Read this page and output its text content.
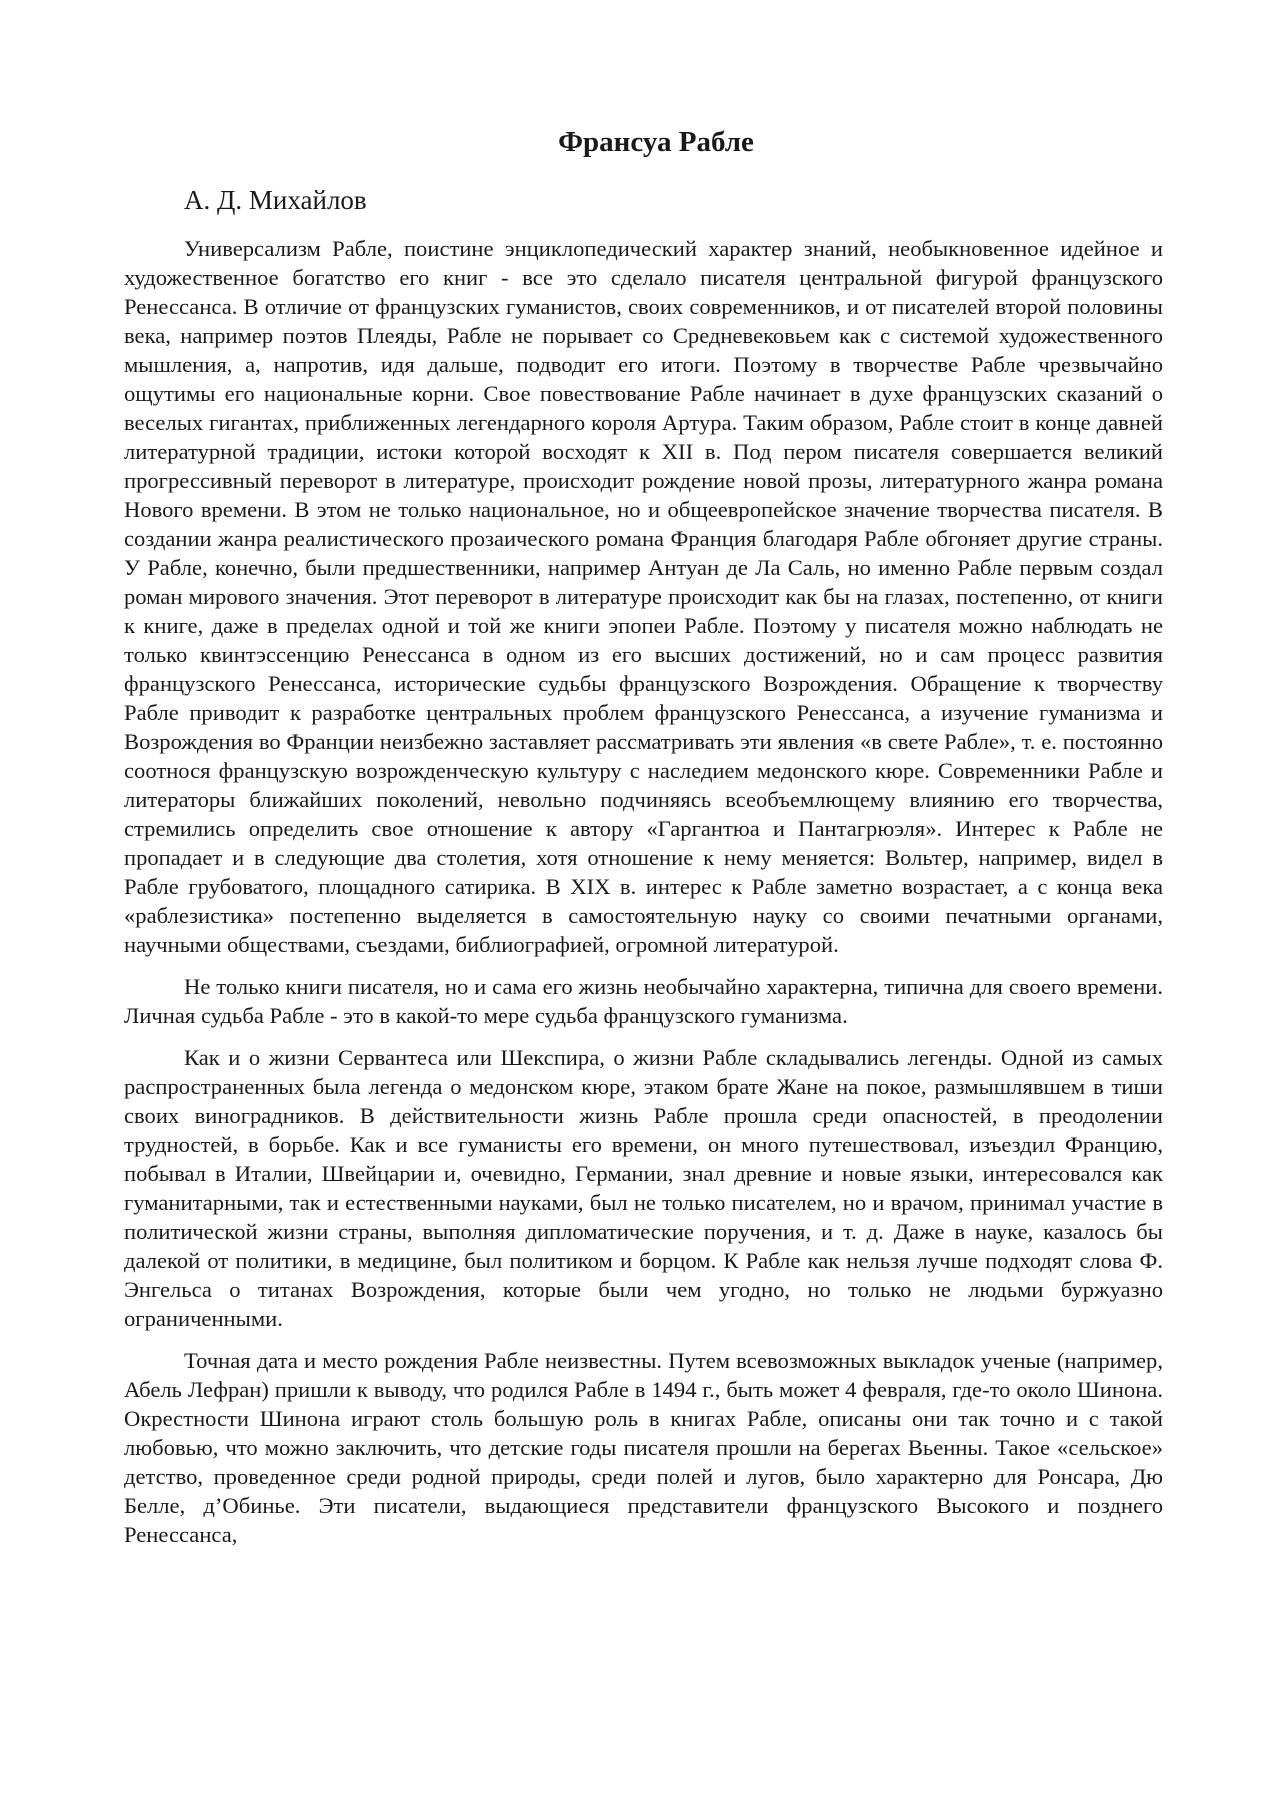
Франсуа Рабле
А. Д. Михайлов

Универсализм Рабле, поистине энциклопедический характер знаний, необыкновенное идейное и художественное богатство его книг - все это сделало писателя центральной фигурой французского Ренессанса. В отличие от французских гуманистов, своих современников, и от писателей второй половины века, например поэтов Плеяды, Рабле не порывает со Средневековьем как с системой художественного мышления, а, напротив, идя дальше, подводит его итоги. Поэтому в творчестве Рабле чрезвычайно ощутимы его национальные корни. Свое повествование Рабле начинает в духе французских сказаний о веселых гигантах, приближенных легендарного короля Артура. Таким образом, Рабле стоит в конце давней литературной традиции, истоки которой восходят к XII в. Под пером писателя совершается великий прогрессивный переворот в литературе, происходит рождение новой прозы, литературного жанра романа Нового времени. В этом не только национальное, но и общеевропейское значение творчества писателя. В создании жанра реалистического прозаического романа Франция благодаря Рабле обгоняет другие страны. У Рабле, конечно, были предшественники, например Антуан де Ла Саль, но именно Рабле первым создал роман мирового значения. Этот переворот в литературе происходит как бы на глазах, постепенно, от книги к книге, даже в пределах одной и той же книги эпопеи Рабле. Поэтому у писателя можно наблюдать не только квинтэссенцию Ренессанса в одном из его высших достижений, но и сам процесс развития французского Ренессанса, исторические судьбы французского Возрождения. Обращение к творчеству Рабле приводит к разработке центральных проблем французского Ренессанса, а изучение гуманизма и Возрождения во Франции неизбежно заставляет рассматривать эти явления «в свете Рабле», т. е. постоянно соотнося французскую возрожденческую культуру с наследием медонского кюре. Современники Рабле и литераторы ближайших поколений, невольно подчиняясь всеобъемлющему влиянию его творчества, стремились определить свое отношение к автору «Гаргантюа и Пантагрюэля». Интерес к Рабле не пропадает и в следующие два столетия, хотя отношение к нему меняется: Вольтер, например, видел в Рабле грубоватого, площадного сатирика. В XIX в. интерес к Рабле заметно возрастает, а с конца века «раблезистика» постепенно выделяется в самостоятельную науку со своими печатными органами, научными обществами, съездами, библиографией, огромной литературой.

Не только книги писателя, но и сама его жизнь необычайно характерна, типична для своего времени. Личная судьба Рабле - это в какой-то мере судьба французского гуманизма.

Как и о жизни Сервантеса или Шекспира, о жизни Рабле складывались легенды. Одной из самых распространенных была легенда о медонском кюре, этаком брате Жане на покое, размышлявшем в тиши своих виноградников. В действительности жизнь Рабле прошла среди опасностей, в преодолении трудностей, в борьбе. Как и все гуманисты его времени, он много путешествовал, изъездил Францию, побывал в Италии, Швейцарии и, очевидно, Германии, знал древние и новые языки, интересовался как гуманитарными, так и естественными науками, был не только писателем, но и врачом, принимал участие в политической жизни страны, выполняя дипломатические поручения, и т. д. Даже в науке, казалось бы далекой от политики, в медицине, был политиком и борцом. К Рабле как нельзя лучше подходят слова Ф. Энгельса о титанах Возрождения, которые были чем угодно, но только не людьми буржуазно ограниченными.

Точная дата и место рождения Рабле неизвестны. Путем всевозможных выкладок ученые (например, Абель Лефран) пришли к выводу, что родился Рабле в 1494 г., быть может 4 февраля, где-то около Шинона. Окрестности Шинона играют столь большую роль в книгах Рабле, описаны они так точно и с такой любовью, что можно заключить, что детские годы писателя прошли на берегах Вьенны. Такое «сельское» детство, проведенное среди родной природы, среди полей и лугов, было характерно для Ронсара, Дю Белле, д’Обинье. Эти писатели, выдающиеся представители французского Высокого и позднего Ренессанса,
